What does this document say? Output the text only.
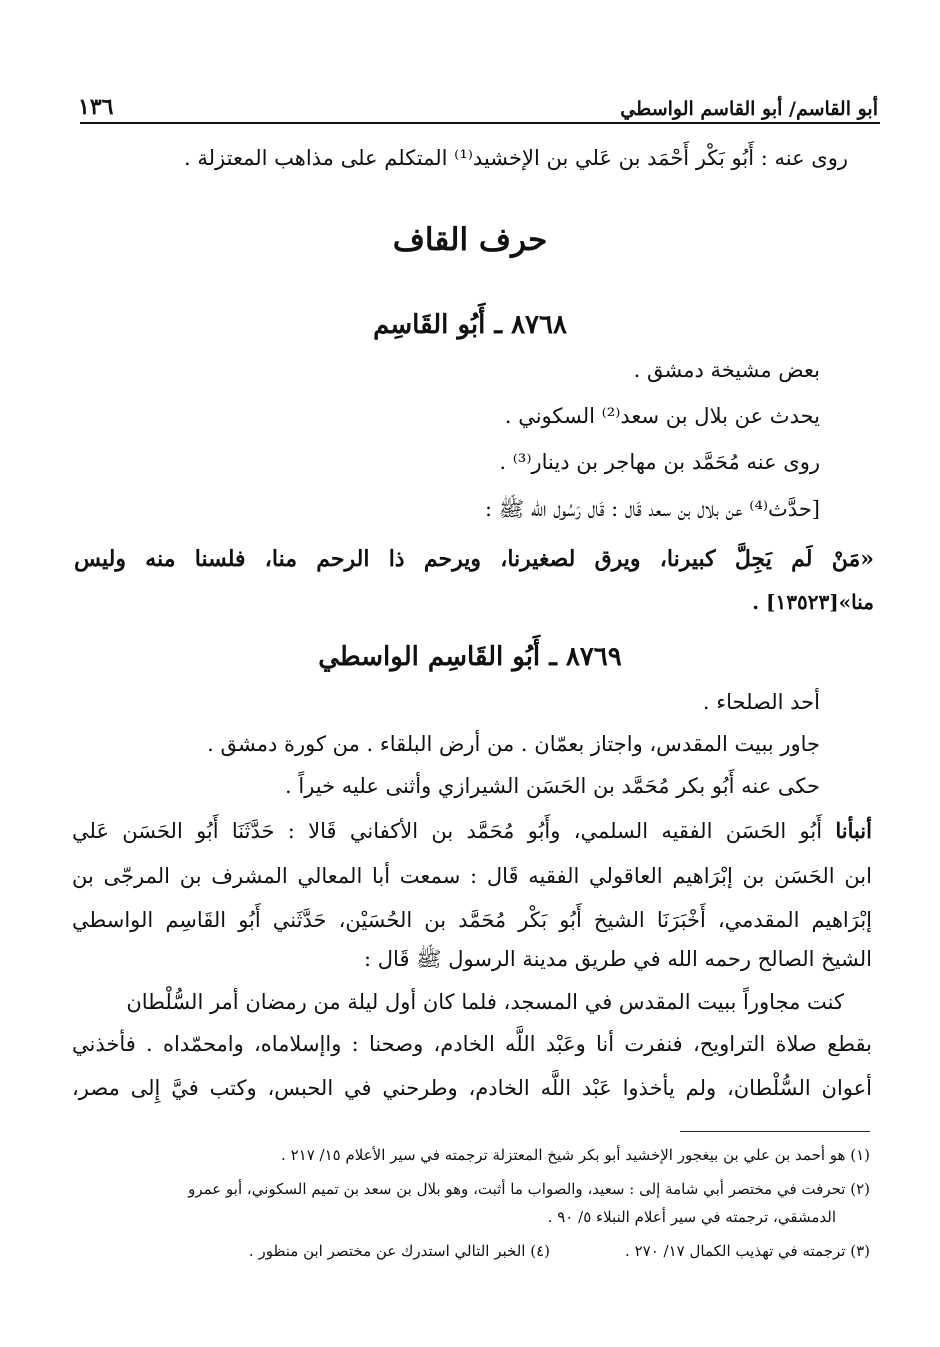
١٣٦	أبو القاسم/ أبو القاسم الواسطي
روى عنه : أَبُو بَكْر أَحْمَد بن عَلي بن الإخشيد⁽¹⁾ المتكلم على مذاهب المعتزلة .
حرف القاف
٨٧٦٨ ـ أَبُو القَاسِم
بعض مشيخة دمشق .
يحدث عن بلال بن سعد⁽²⁾ السكوني .
روى عنه مُحَمَّد بن مهاجر بن دينار⁽³⁾ .
[حدَّث⁽⁴⁾ عن بلال بن سعد قَال : قَال رَسُول الله ﷺ :
«مَنْ لَم يَجِلَّ كبيرنا، ويرق لصغيرنا، ويرحم ذا الرحم منا، فلسنا منه وليس
منا»[١٣٥٢٣] .
٨٧٦٩ ـ أَبُو القَاسِم الواسطي
أحد الصلحاء .
جاور ببيت المقدس، واجتاز بعمّان . من أرض البلقاء . من كورة دمشق .
حكى عنه أَبُو بكر مُحَمَّد بن الحَسَن الشيرازي وأثنى عليه خيراً .
أنبأنا أَبُو الحَسَن الفقيه السلمي، وأَبُو مُحَمَّد بن الأكفاني قَالا : حَدَّثَنَا أَبُو الحَسَن عَلي
ابن الحَسَن بن إبْرَاهيم العاقولي الفقيه قَال : سمعت أبا المعالي المشرف بن المرجّى بن
إبْرَاهيم المقدمي، أَخْبَرَنَا الشيخ أَبُو بَكْر مُحَمَّد بن الحُسَيْن، حَدَّثَني أَبُو القَاسِم الواسطي
الشيخ الصالح رحمه الله في طريق مدينة الرسول ﷺ قَال :
كنت مجاوراً ببيت المقدس في المسجد، فلما كان أول ليلة من رمضان أمر السُّلْطان
بقطع صلاة التراويح، فنفرت أنا وعَبْد اللَّه الخادم، وصحنا : واإسلاماه، وامحمّداه . فأخذني
أعوان السُّلْطان، ولم يأخذوا عَبْد اللَّه الخادم، وطرحني في الحبس، وكتب فيَّ إِلى مصر،
(١) هو أحمد بن علي بن بيغجور الإخشيد أبو بكر شيخ المعتزلة ترجمته في سير الأعلام ١٥/ ٢١٧ .
(٢) تحرفت في مختصر أبي شامة إلى : سعيد، والصواب ما أثبت، وهو بلال بن سعد بن تميم السكوني، أبو عمرو
الدمشقي، ترجمته في سير أعلام النبلاء ٥/ ٩٠ .
(٣) ترجمته في تهذيب الكمال ١٧/ ٢٧٠ .
(٤) الخبر التالي استدرك عن مختصر ابن منظور .
